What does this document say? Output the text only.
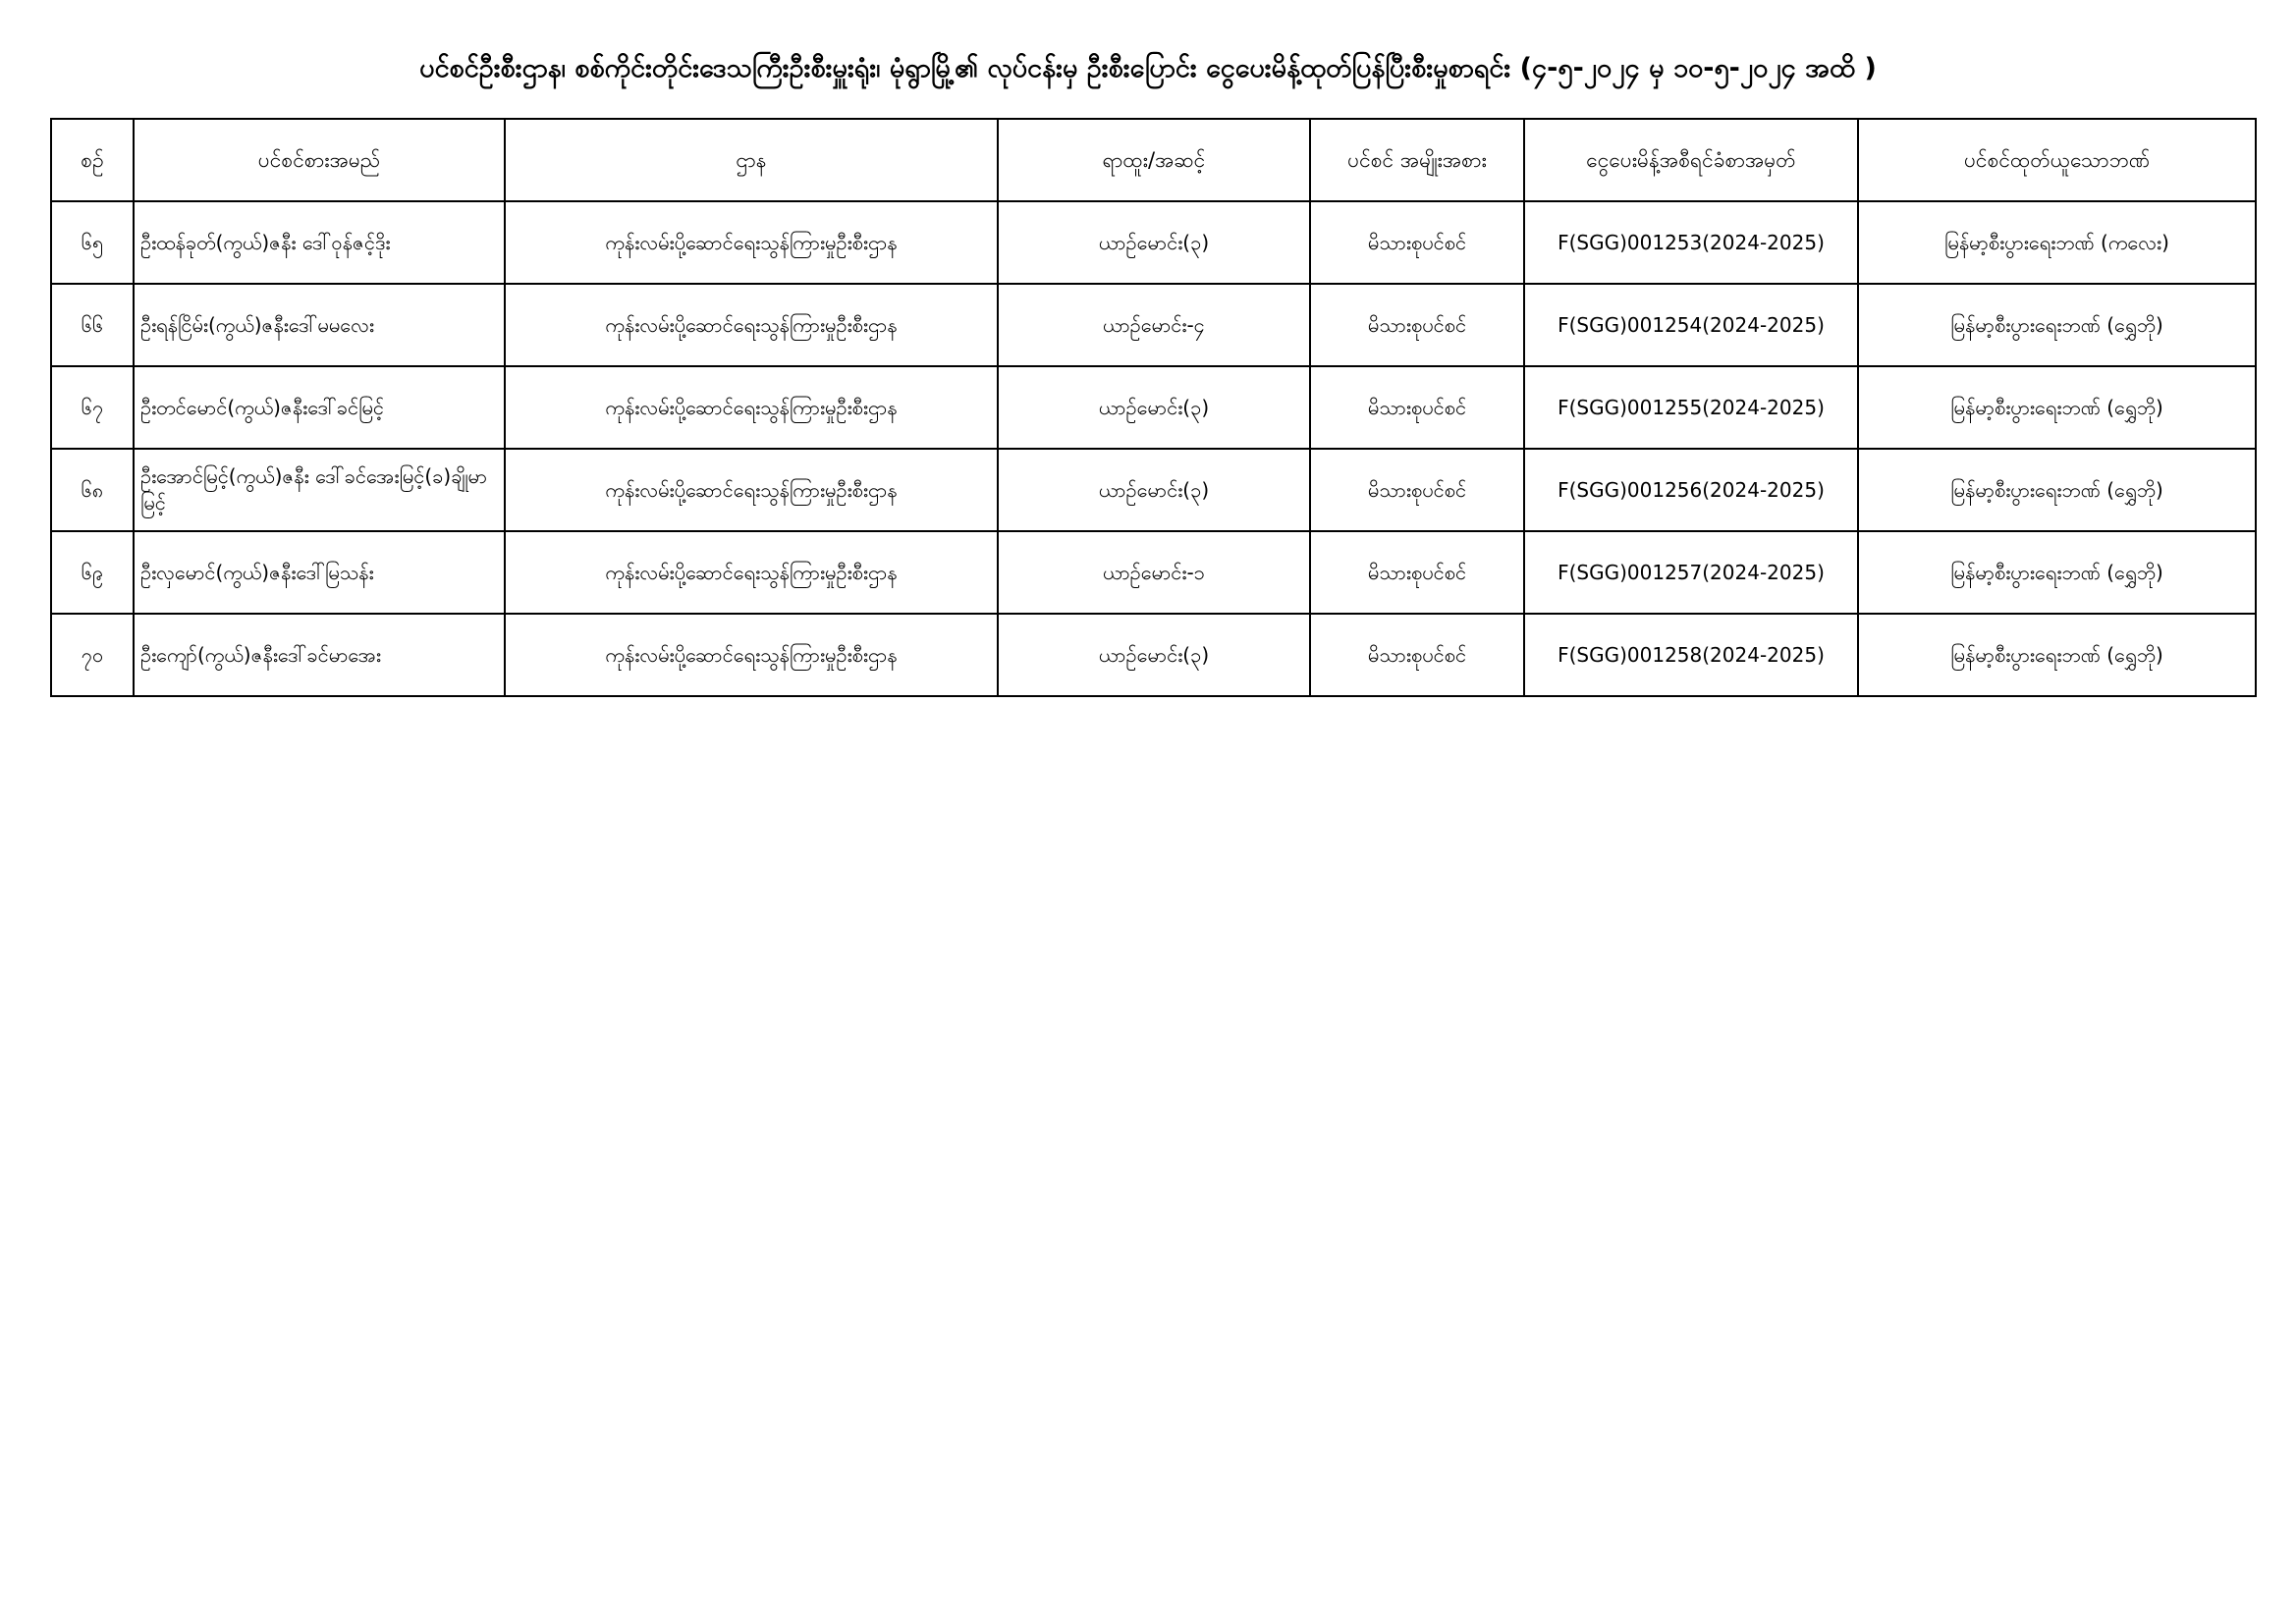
ပင်စင်ဦးစီးဌာန၊ စစ်ကိုင်းတိုင်းဒေသကြီးဦးစီးမှူးရုံး၊ မုံရွာမြို့၏ လုပ်ငန်းမှ ဦးစီးပြောင်း ငွေပေးမိန့်ထုတ်ပြန်ပြီးစီးမှုစာရင်း (၄-၅-၂၀၂၄ မှ ၁၀-၅-၂၀၂၄ အထိ )
စဉ်	ပင်စင်စားအမည်	ဌာန	ရာထူး/အဆင့်	ပင်စင် အမျိုးအစား	ငွေပေးမိန့်အစီရင်ခံစာအမှတ်	ပင်စင်ထုတ်ယူသောဘဏ်
၆၅	ဦးထန်ခုတ်(ကွယ်)ဇနီး ဒေါ်ဝုန်ဇင့်ဒိုး	ကုန်းလမ်းပို့ဆောင်ရေးသွန်ကြားမှုဦးစီးဌာန	ယာဉ်မောင်း(၃)	မိသားစုပင်စင်	F(SGG)001253(2024-2025)	မြန်မာ့စီးပွားရေးဘဏ် (ကလေး)
၆၆	ဦးရန်ငြိမ်း(ကွယ်)ဇနီးဒေါ်မမလေး	ကုန်းလမ်းပို့ဆောင်ရေးသွန်ကြားမှုဦးစီးဌာန	ယာဉ်မောင်း-၄	မိသားစုပင်စင်	F(SGG)001254(2024-2025)	မြန်မာ့စီးပွားရေးဘဏ် (ရွှေဘို)
၆၇	ဦးတင်မောင်(ကွယ်)ဇနီးဒေါ်ခင်မြင့်	ကုန်းလမ်းပို့ဆောင်ရေးသွန်ကြားမှုဦးစီးဌာန	ယာဉ်မောင်း(၃)	မိသားစုပင်စင်	F(SGG)001255(2024-2025)	မြန်မာ့စီးပွားရေးဘဏ် (ရွှေဘို)
၆၈	ဦးအောင်မြင့်(ကွယ်)ဇနီး ဒေါ်ခင်အေးမြင့်(ခ)ချိုမာမြင့်	ကုန်းလမ်းပို့ဆောင်ရေးသွန်ကြားမှုဦးစီးဌာန	ယာဉ်မောင်း(၃)	မိသားစုပင်စင်	F(SGG)001256(2024-2025)	မြန်မာ့စီးပွားရေးဘဏ် (ရွှေဘို)
၆၉	ဦးလှမောင်(ကွယ်)ဇနီးဒေါ်မြသန်း	ကုန်းလမ်းပို့ဆောင်ရေးသွန်ကြားမှုဦးစီးဌာန	ယာဉ်မောင်း-၁	မိသားစုပင်စင်	F(SGG)001257(2024-2025)	မြန်မာ့စီးပွားရေးဘဏ် (ရွှေဘို)
၇၀	ဦးကျော်(ကွယ်)ဇနီးဒေါ်ခင်မာအေး	ကုန်းလမ်းပို့ဆောင်ရေးသွန်ကြားမှုဦးစီးဌာန	ယာဉ်မောင်း(၃)	မိသားစုပင်စင်	F(SGG)001258(2024-2025)	မြန်မာ့စီးပွားရေးဘဏ် (ရွှေဘို)
